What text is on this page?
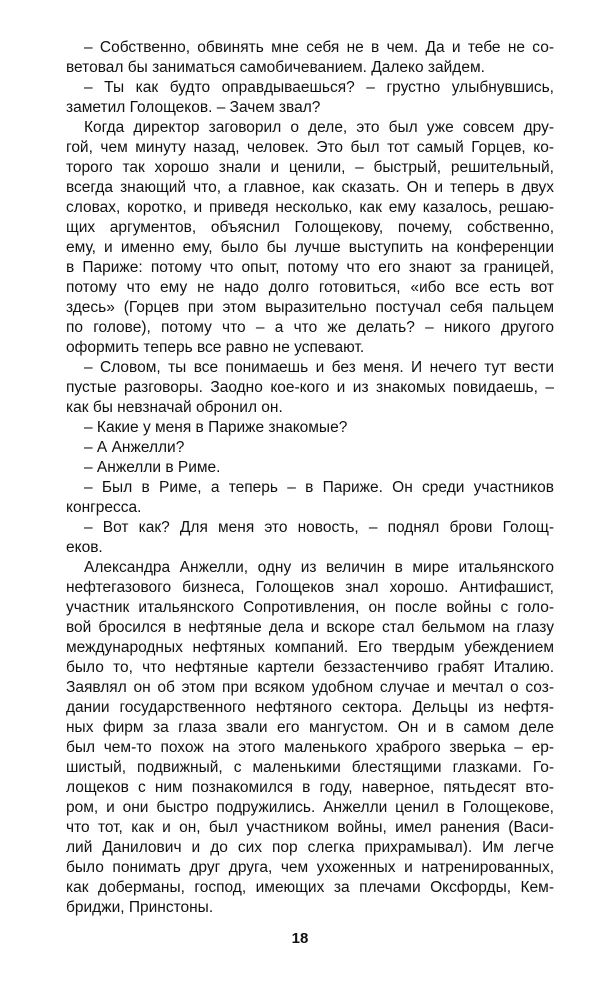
– Собственно, обвинять мне себя не в чем. Да и тебе не со-
ветовал бы заниматься самобичеванием. Далеко зайдем.
– Ты как будто оправдываешься? – грустно улыбнувшись,
заметил Голощеков. – Зачем звал?
Когда директор заговорил о деле, это был уже совсем дру-
гой, чем минуту назад, человек. Это был тот самый Горцев, ко-
торого так хорошо знали и ценили, – быстрый, решительный,
всегда знающий что, а главное, как сказать. Он и теперь в двух
словах, коротко, и приведя несколько, как ему казалось, решаю-
щих аргументов, объяснил Голощекову, почему, собственно,
ему, и именно ему, было бы лучше выступить на конференции
в Париже: потому что опыт, потому что его знают за границей,
потому что ему не надо долго готовиться, «ибо все есть вот
здесь» (Горцев при этом выразительно постучал себя пальцем
по голове), потому что – а что же делать? – никого другого
оформить теперь все равно не успевают.
– Словом, ты все понимаешь и без меня. И нечего тут вести
пустые разговоры. Заодно кое-кого и из знакомых повидаешь, –
как бы невзначай обронил он.
– Какие у меня в Париже знакомые?
– А Анжелли?
– Анжелли в Риме.
– Был в Риме, а теперь – в Париже. Он среди участников
конгресса.
– Вот как? Для меня это новость, – поднял брови Голощ-
еков.
Александра Анжелли, одну из величин в мире итальянского
нефтегазового бизнеса, Голощеков знал хорошо. Антифашист,
участник итальянского Сопротивления, он после войны с голо-
вой бросился в нефтяные дела и вскоре стал бельмом на глазу
международных нефтяных компаний. Его твердым убеждением
было то, что нефтяные картели беззастенчиво грабят Италию.
Заявлял он об этом при всяком удобном случае и мечтал о соз-
дании государственного нефтяного сектора. Дельцы из нефтя-
ных фирм за глаза звали его мангустом. Он и в самом деле
был чем-то похож на этого маленького храброго зверька – ер-
шистый, подвижный, с маленькими блестящими глазками. Го-
лощеков с ним познакомился в году, наверное, пятьдесят вто-
ром, и они быстро подружились. Анжелли ценил в Голощекове,
что тот, как и он, был участником войны, имел ранения (Васи-
лий Данилович и до сих пор слегка прихрамывал). Им легче
было понимать друг друга, чем ухоженных и натренированных,
как доберманы, господ, имеющих за плечами Оксфорды, Кем-
бриджи, Принстоны.
18
